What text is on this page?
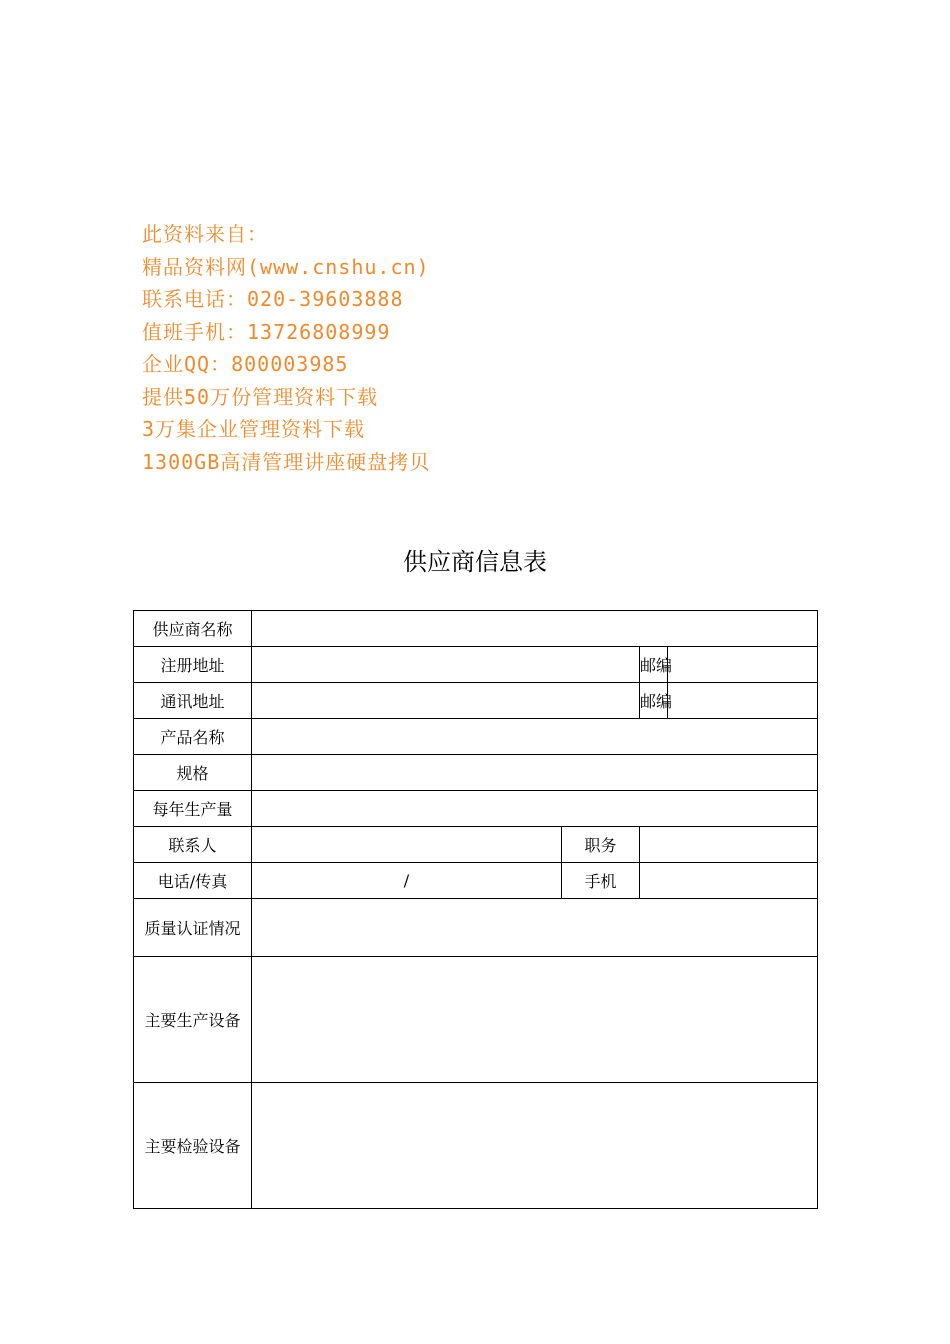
此资料来自：
精品资料网(www.cnshu.cn)
联系电话：020-39603888
值班手机：13726808999
企业QQ：800003985
提供50万份管理资料下载
3万集企业管理资料下载
1300GB高清管理讲座硬盘拷贝
供应商信息表
供应商名称				
注册地址			邮编	
通讯地址			邮编	
产品名称				
规格				
每年生产量				
联系人		职务		
电话/传真	/	手机		
质量认证情况				
主要生产设备				
主要检验设备				
